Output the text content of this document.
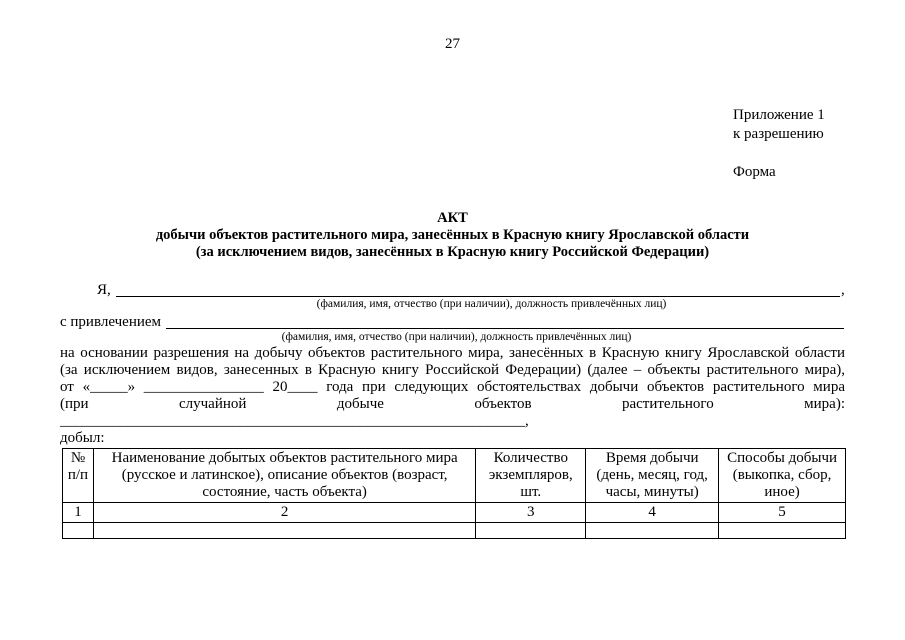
27
Приложение 1
к разрешению
Форма
АКТ
добычи объектов растительного мира, занесённых в Красную книгу Ярославской области
(за исключением видов, занесённых в Красную книгу Российской Федерации)
Я,	,
(фамилия, имя, отчество (при наличии), должность привлечённых лиц)
с привлечением
(фамилия, имя, отчество (при наличии), должность привлечённых лиц)
на основании разрешения на добычу объектов растительного мира, занесённых в Красную книгу Ярославской области
(за исключением видов, занесенных в Красную книгу Российской Федерации) (далее – объекты растительного мира),
от «_____» ________________ 20____ года при следующих обстоятельствах добычи объектов растительного мира
(при случайной добыче объектов растительного мира): ______________________________________________________________,
добыл:
№ п/п	Наименование добытых объектов растительного мира (русское и латинское), описание объектов (возраст, состояние, часть объекта)	Количество экземпляров, шт.	Время добычи (день, месяц, год, часы, минуты)	Способы добычи (выкопка, сбор, иное)
1	2	3	4	5
